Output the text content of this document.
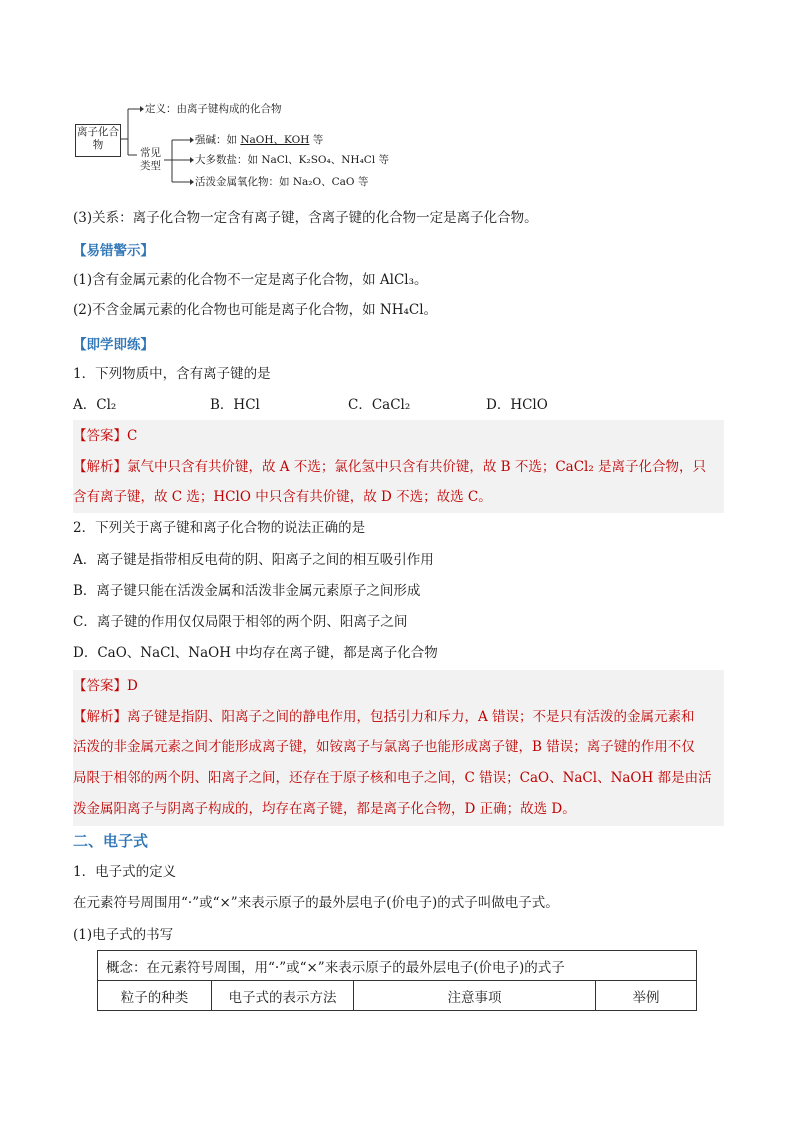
离子化合物
定义：由离子键构成的化合物
常见类型
强碱：如 NaOH、KOH 等
大多数盐：如 NaCl、K₂SO₄、NH₄Cl 等
活泼金属氧化物：如 Na₂O、CaO 等
(3)关系：离子化合物一定含有离子键，含离子键的化合物一定是离子化合物。
【易错警示】
(1)含有金属元素的化合物不一定是离子化合物，如 AlCl₃。
(2)不含金属元素的化合物也可能是离子化合物，如 NH₄Cl。
【即学即练】
1．下列物质中，含有离子键的是
A．Cl₂	B．HCl	C．CaCl₂	D．HClO
【答案】C
【解析】氯气中只含有共价键，故 A 不选；氯化氢中只含有共价键，故 B 不选；CaCl₂ 是离子化合物，只
含有离子键，故 C 选；HClO 中只含有共价键，故 D 不选；故选 C。
2．下列关于离子键和离子化合物的说法正确的是
A．离子键是指带相反电荷的阴、阳离子之间的相互吸引作用
B．离子键只能在活泼金属和活泼非金属元素原子之间形成
C．离子键的作用仅仅局限于相邻的两个阴、阳离子之间
D．CaO、NaCl、NaOH 中均存在离子键，都是离子化合物
【答案】D
【解析】离子键是指阴、阳离子之间的静电作用，包括引力和斥力，A 错误；不是只有活泼的金属元素和
活泼的非金属元素之间才能形成离子键，如铵离子与氯离子也能形成离子键，B 错误；离子键的作用不仅
局限于相邻的两个阴、阳离子之间，还存在于原子核和电子之间，C 错误；CaO、NaCl、NaOH 都是由活
泼金属阳离子与阴离子构成的，均存在离子键，都是离子化合物，D 正确；故选 D。
二、电子式
1．电子式的定义
在元素符号周围用“·”或“×”来表示原子的最外层电子(价电子)的式子叫做电子式。
(1)电子式的书写
概念：在元素符号周围，用“·”或“×”来表示原子的最外层电子(价电子)的式子
粒子的种类	电子式的表示方法	注意事项	举例
